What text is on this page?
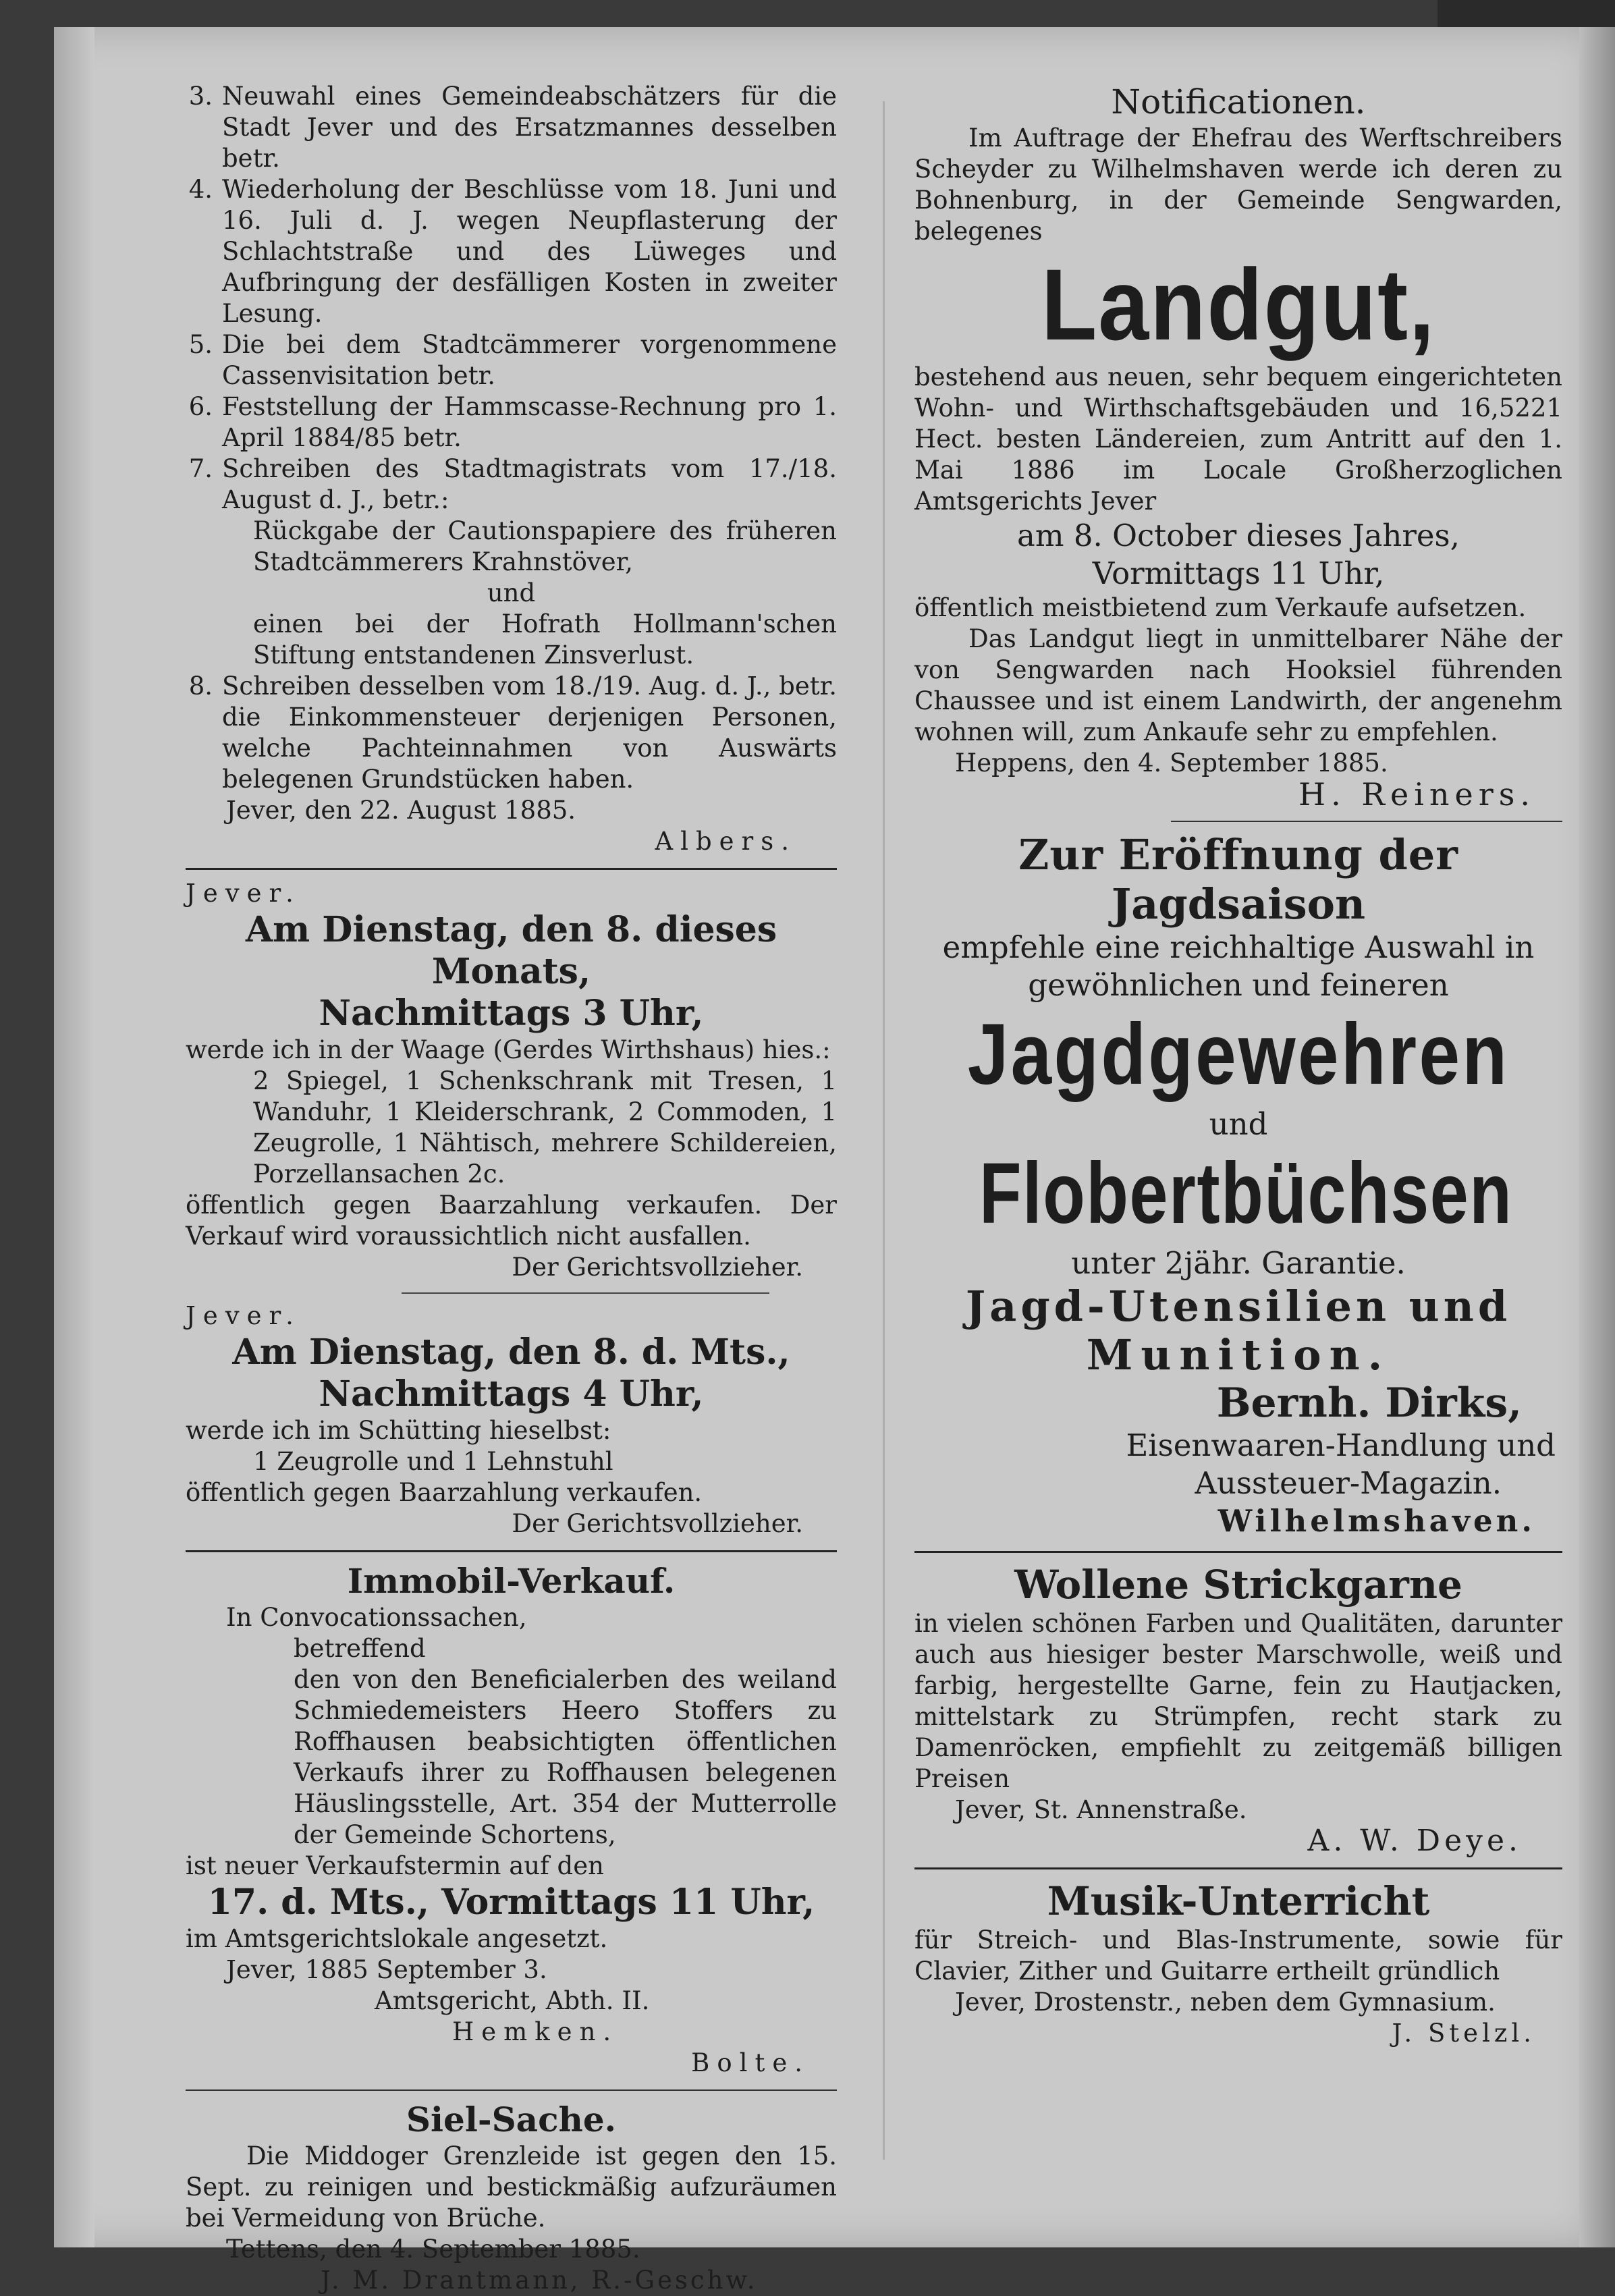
3. Neuwahl eines Gemeindeabschätzers für die Stadt Jever und des Ersatzmannes desselben betr.

4. Wiederholung der Beschlüsse vom 18. Juni und 16. Juli d. J. wegen Neupflasterung der Schlachtstraße und des Lüweges und Aufbringung der desfälligen Kosten in zweiter Lesung.

5. Die bei dem Stadtcämmerer vorgenommene Cassenvisitation betr.

6. Feststellung der Hammscasse-Rechnung pro 1. April 1884/85 betr.

7. Schreiben des Stadtmagistrats vom 17./18. August d. J., betr.:

Rückgabe der Cautionspapiere des früheren Stadtcämmerers Krahnstöver,

und

einen bei der Hofrath Hollmann'schen Stiftung entstandenen Zinsverlust.

8. Schreiben desselben vom 18./19. Aug. d. J., betr. die Einkommensteuer derjenigen Personen, welche Pachteinnahmen von Auswärts belegenen Grundstücken haben.

Jever, den 22. August 1885.

Albers.

Jever.

Am Dienstag, den 8. dieses Monats,

Nachmittags 3 Uhr,

werde ich in der Waage (Gerdes Wirthshaus) hies.:

2 Spiegel, 1 Schenkschrank mit Tresen, 1 Wanduhr, 1 Kleiderschrank, 2 Commoden, 1 Zeugrolle, 1 Nähtisch, mehrere Schildereien, Porzellansachen 2c.

öffentlich gegen Baarzahlung verkaufen. Der Verkauf wird voraussichtlich nicht ausfallen.

Der Gerichtsvollzieher.

Jever.

Am Dienstag, den 8. d. Mts.,

Nachmittags 4 Uhr,

werde ich im Schütting hieselbst:

1 Zeugrolle und 1 Lehnstuhl

öffentlich gegen Baarzahlung verkaufen.

Der Gerichtsvollzieher.

Immobil-Verkauf.

In Convocationssachen,

betreffend

den von den Beneficialerben des weiland Schmiedemeisters Heero Stoffers zu Roffhausen beabsichtigten öffentlichen Verkaufs ihrer zu Roffhausen belegenen Häuslingsstelle, Art. 354 der Mutterrolle der Gemeinde Schortens,

ist neuer Verkaufstermin auf den

17. d. Mts., Vormittags 11 Uhr,

im Amtsgerichtslokale angesetzt.

Jever, 1885 September 3.

Amtsgericht, Abth. II.

Hemken.

Bolte.

Siel-Sache.

Die Middoger Grenzleide ist gegen den 15. Sept. zu reinigen und bestickmäßig aufzuräumen bei Vermeidung von Brüche.

Tettens, den 4. September 1885.

J. M. Drantmann, R.-Geschw.

Notificationen.

Im Auftrage der Ehefrau des Werftschreibers Scheyder zu Wilhelmshaven werde ich deren zu Bohnenburg, in der Gemeinde Sengwarden, belegenes

Landgut,

bestehend aus neuen, sehr bequem eingerichteten Wohn- und Wirthschaftsgebäuden und 16,5221 Hect. besten Ländereien, zum Antritt auf den 1. Mai 1886 im Locale Großherzoglichen Amtsgerichts Jever

am 8. October dieses Jahres,

Vormittags 11 Uhr,

öffentlich meistbietend zum Verkaufe aufsetzen.

Das Landgut liegt in unmittelbarer Nähe der von Sengwarden nach Hooksiel führenden Chaussee und ist einem Landwirth, der angenehm wohnen will, zum Ankaufe sehr zu empfehlen.

Heppens, den 4. September 1885.

H. Reiners.

Zur Eröffnung der

Jagdsaison

empfehle eine reichhaltige Auswahl in

gewöhnlichen und feineren

Jagdgewehren

und

Flobertbüchsen

unter 2jähr. Garantie.

Jagd-Utensilien und

Munition.

Bernh. Dirks,

Eisenwaaren-Handlung und

Aussteuer-Magazin.

Wilhelmshaven.

Wollene Strickgarne

in vielen schönen Farben und Qualitäten, darunter auch aus hiesiger bester Marschwolle, weiß und farbig, hergestellte Garne, fein zu Hautjacken, mittelstark zu Strümpfen, recht stark zu Damenröcken, empfiehlt zu zeitgemäß billigen Preisen

Jever, St. Annenstraße.

A. W. Deye.

Musik-Unterricht

für Streich- und Blas-Instrumente, sowie für Clavier, Zither und Guitarre ertheilt gründlich

Jever, Drostenstr., neben dem Gymnasium.

J. Stelzl.
